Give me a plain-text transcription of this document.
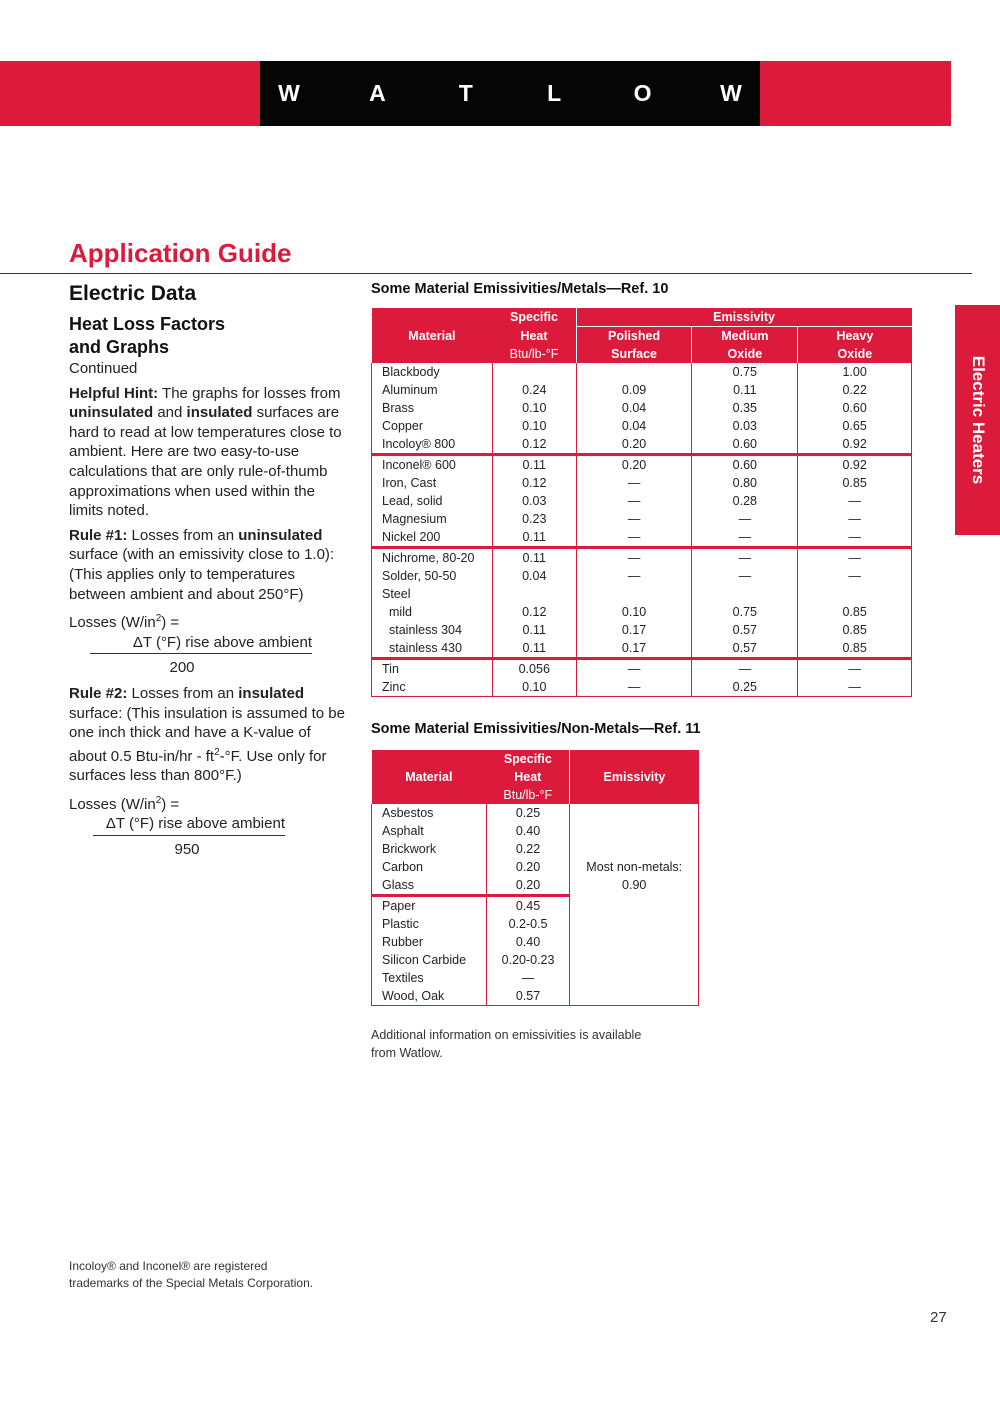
W	A	T	L	O	W
Application Guide
Electric Heaters
Electric Data
Heat Loss Factors
and Graphs

Continued

Helpful Hint: The graphs for losses from uninsulated and insulated surfaces are hard to read at low temperatures close to ambient. Here are two easy-to-use calculations that are only rule-of-thumb approximations when used within the limits noted.

Rule #1: Losses from an uninsulated surface (with an emissivity close to 1.0): (This applies only to temperatures between ambient and about 250°F)

Losses $(W/in^2)$ =
ΔT (°F) rise above ambient
200

Rule #2: Losses from an insulated surface: (This insulation is assumed to be one inch thick and have a K-value of about 0.5 $Btu-in/hr - ft^2-^\circ F$. Use only for surfaces less than 800°F.)

Losses $(W/in^2)$ =
ΔT (°F) rise above ambient
950
Some Material Emissivities/Metals—Ref. 10
Material	Specific	Emissivity		
	Heat	Polished	Medium	Heavy
	Btu/lb-°F	Surface	Oxide	Oxide
Blackbody			0.75	1.00
Aluminum	0.24	0.09	0.11	0.22
Brass	0.10	0.04	0.35	0.60
Copper	0.10	0.04	0.03	0.65
Incoloy® 800	0.12	0.20	0.60	0.92
Inconel® 600	0.11	0.20	0.60	0.92
Iron, Cast	0.12	—	0.80	0.85
Lead, solid	0.03	—	0.28	—
Magnesium	0.23	—	—	—
Nickel 200	0.11	—	—	—
Nichrome, 80-20	0.11	—	—	—
Solder, 50-50	0.04	—	—	—
Steel				
mild	0.12	0.10	0.75	0.85
stainless 304	0.11	0.17	0.57	0.85
stainless 430	0.11	0.17	0.57	0.85
Tin	0.056	—	—	—
Zinc	0.10	—	0.25	—
Some Material Emissivities/Non-Metals—Ref. 11
Material	Specific	Emissivity
	Heat	
	Btu/lb-°F	
Asbestos	0.25	Most non-metals:
0.90

Asphalt	0.40	
Brickwork	0.22	
Carbon	0.20	
Glass	0.20	
Paper	0.45	
Plastic	0.2-0.5	
Rubber	0.40	
Silicon Carbide	0.20-0.23	
Textiles	—	
Wood, Oak	0.57	
Additional information on emissivities is available
from Watlow.
Incoloy® and Inconel® are registered
trademarks of the Special Metals Corporation.
27
